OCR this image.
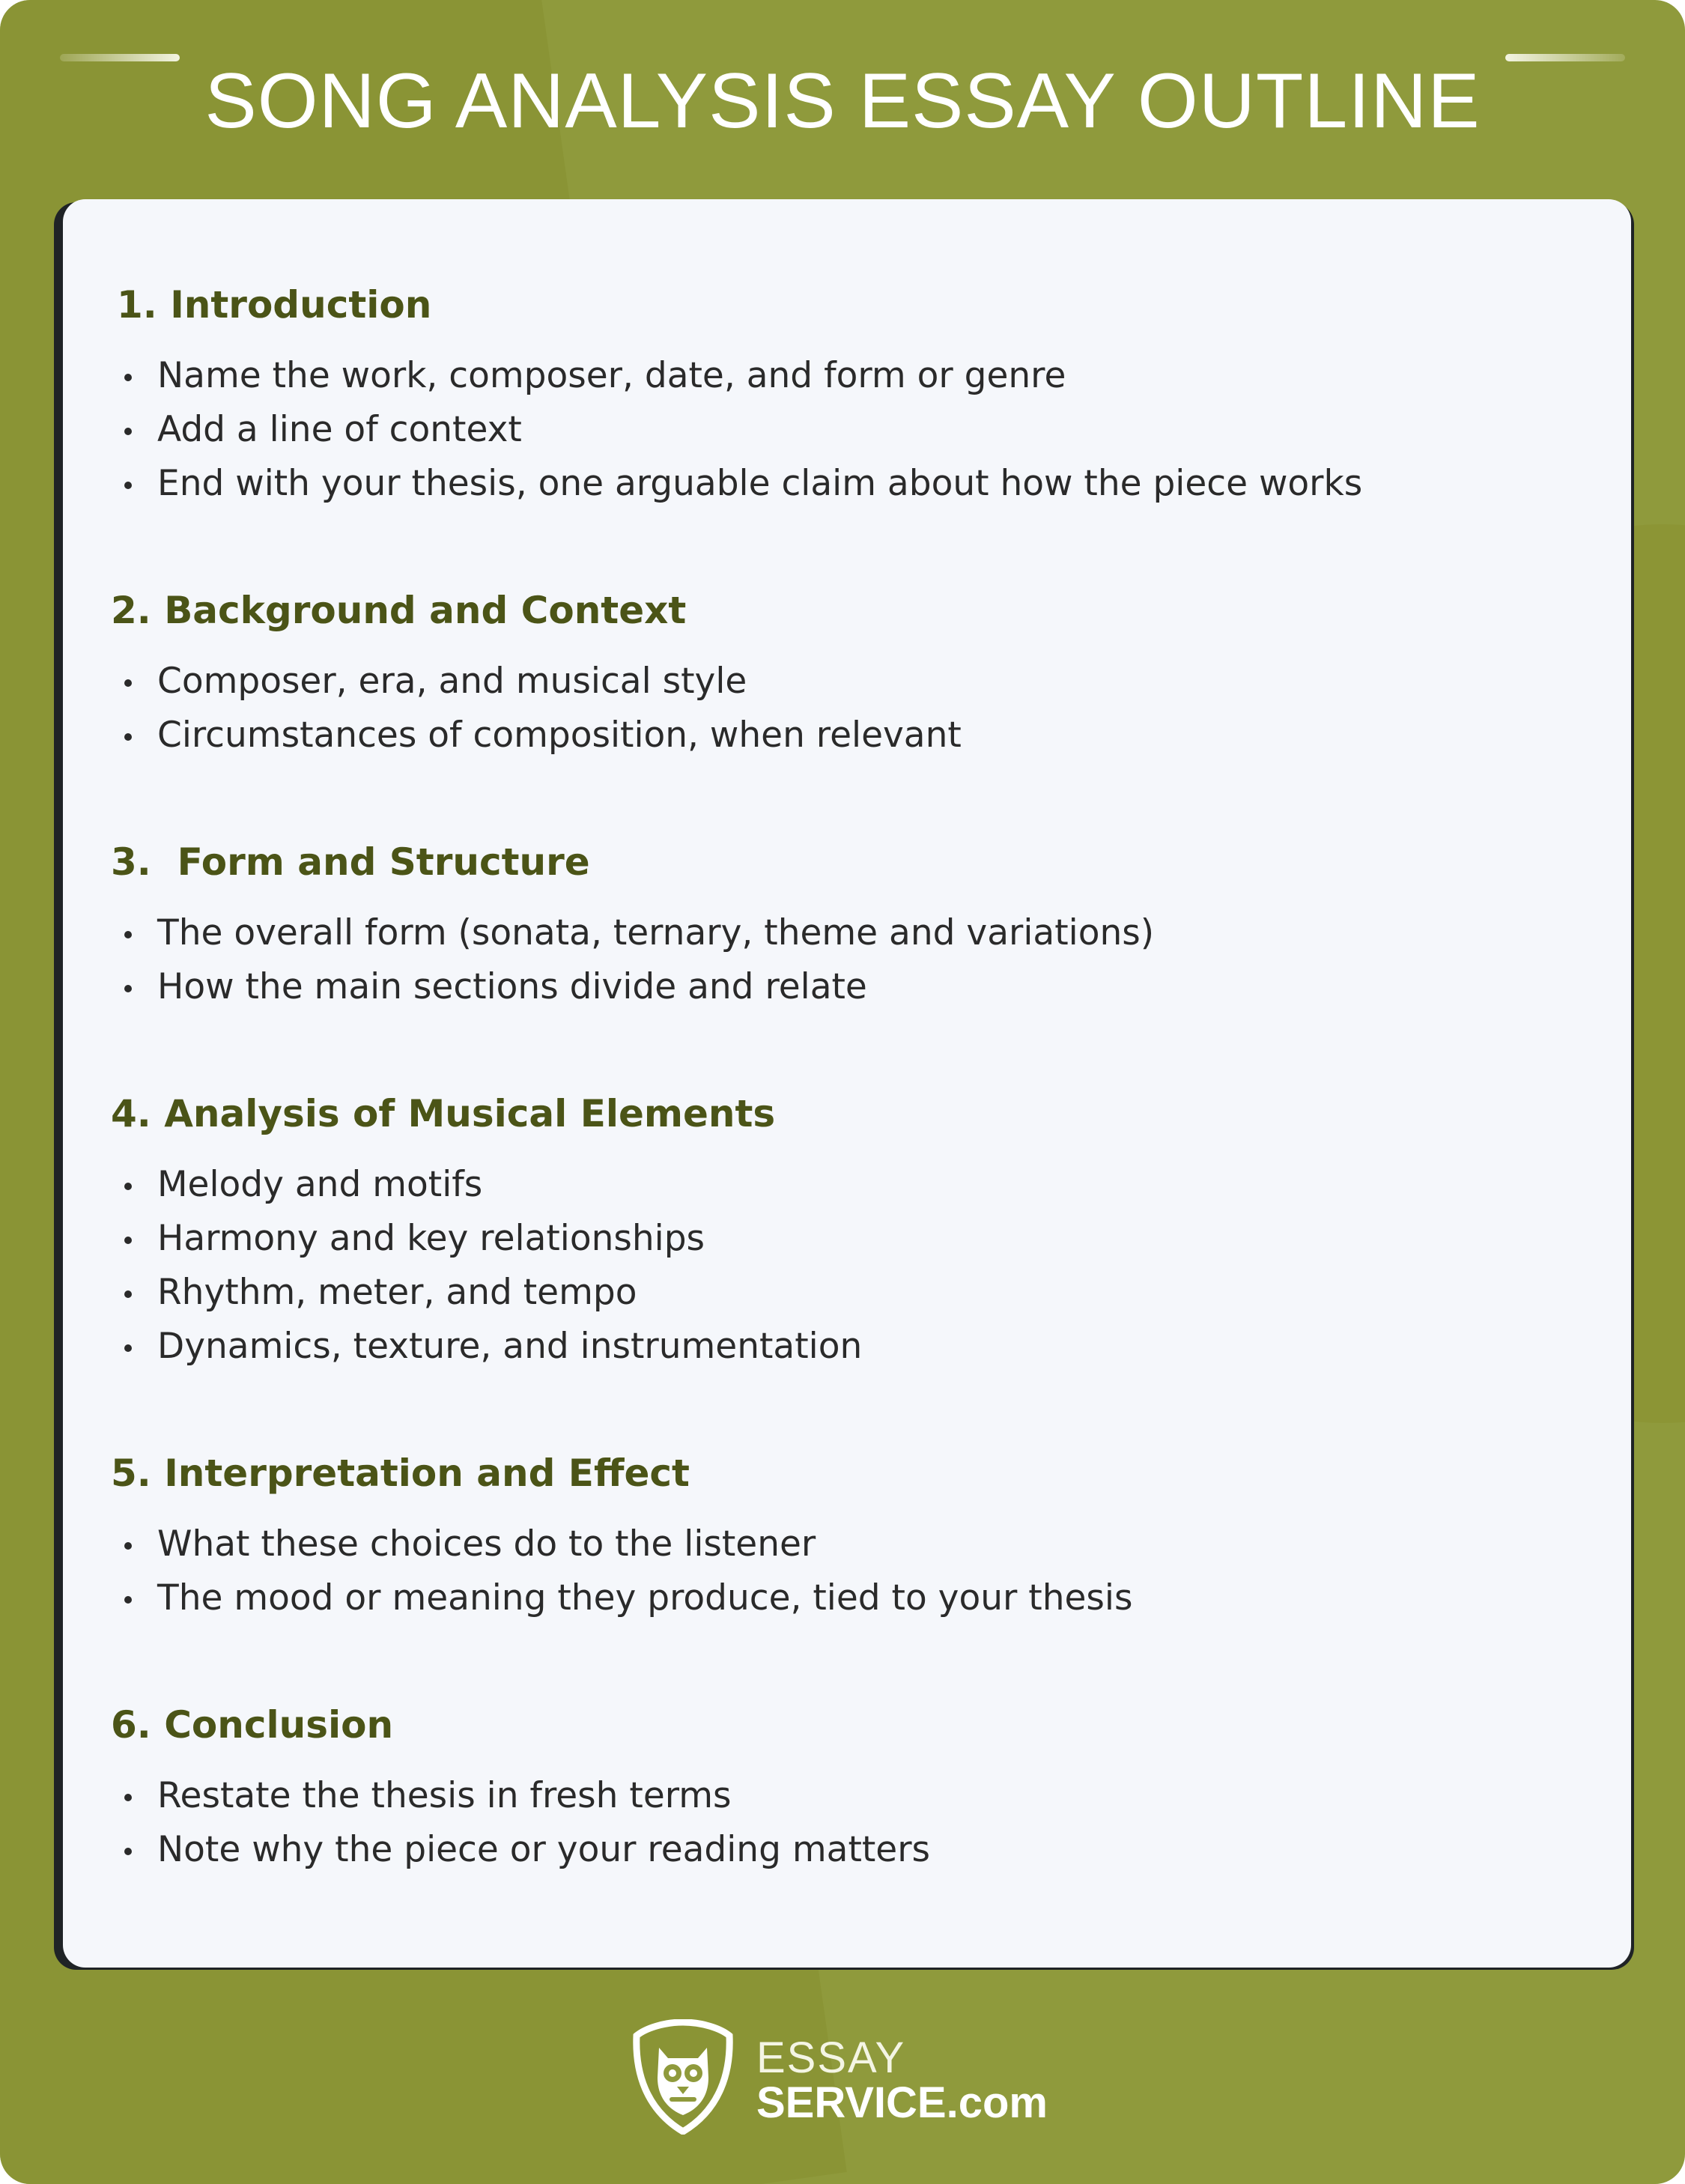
SONG ANALYSIS ESSAY OUTLINE
1. Introduction
Name the work, composer, date, and form or genre
Add a line of context
End with your thesis, one arguable claim about how the piece works
2. Background and Context
Composer, era, and musical style
Circumstances of composition, when relevant
3.  Form and Structure
The overall form (sonata, ternary, theme and variations)
How the main sections divide and relate
4. Analysis of Musical Elements
Melody and motifs
Harmony and key relationships
Rhythm, meter, and tempo
Dynamics, texture, and instrumentation
5. Interpretation and Effect
What these choices do to the listener
The mood or meaning they produce, tied to your thesis
6. Conclusion
Restate the thesis in fresh terms
Note why the piece or your reading matters
ESSAY
SERVICE.com
